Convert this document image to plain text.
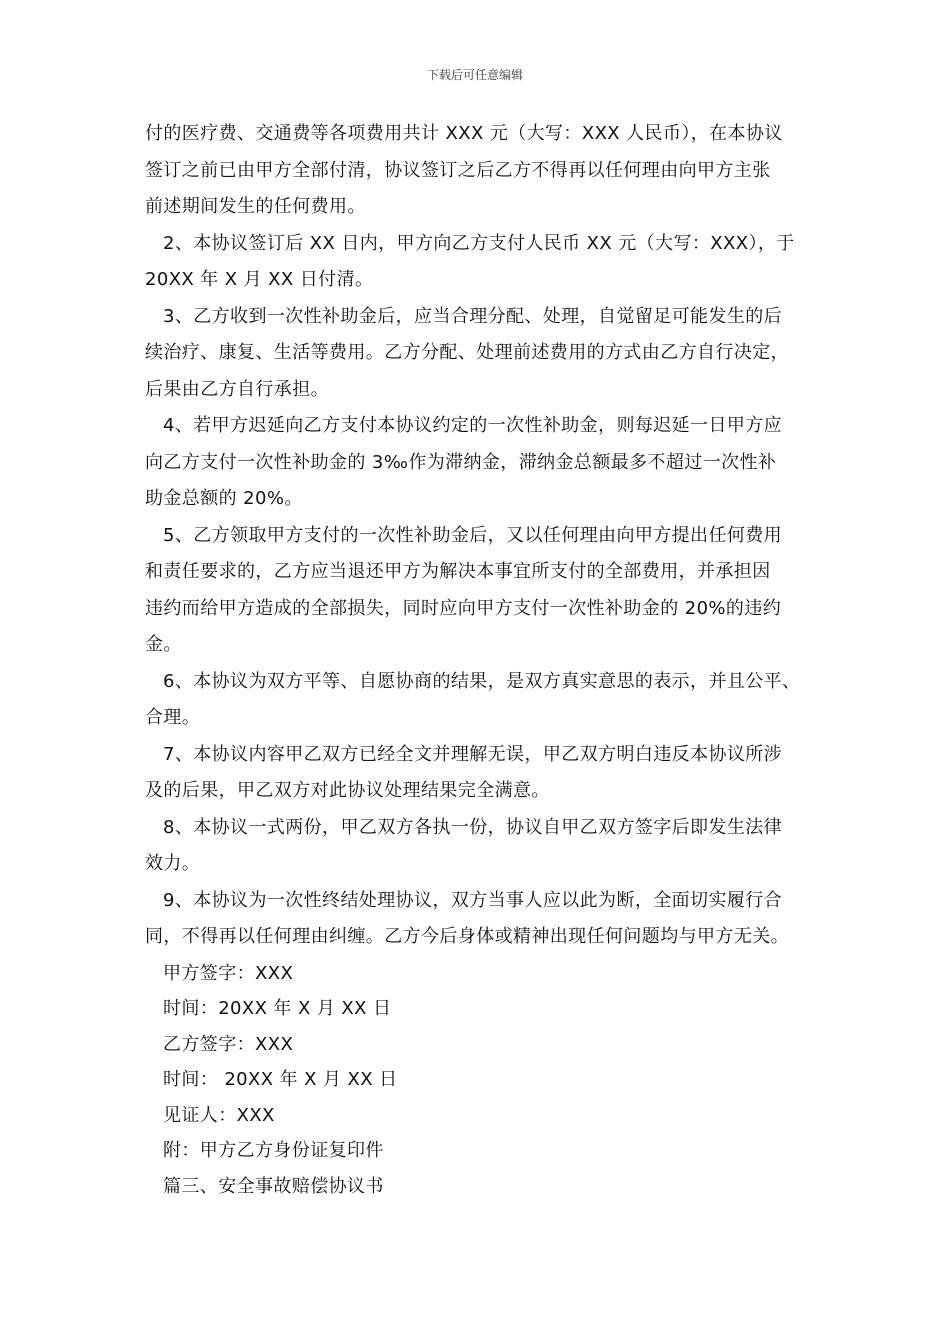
下载后可任意编辑
付的医疗费、交通费等各项费用共计 XXX 元（大写：XXX 人民币），在本协议
签订之前已由甲方全部付清，协议签订之后乙方不得再以任何理由向甲方主张
前述期间发生的任何费用。
2、本协议签订后 XX 日内，甲方向乙方支付人民币 XX 元（大写：XXX），于
20XX 年 X 月 XX 日付清。
3、乙方收到一次性补助金后，应当合理分配、处理，自觉留足可能发生的后
续治疗、康复、生活等费用。乙方分配、处理前述费用的方式由乙方自行决定，
后果由乙方自行承担。
4、若甲方迟延向乙方支付本协议约定的一次性补助金，则每迟延一日甲方应
向乙方支付一次性补助金的 3‰作为滞纳金，滞纳金总额最多不超过一次性补
助金总额的 20%。
5、乙方领取甲方支付的一次性补助金后，又以任何理由向甲方提出任何费用
和责任要求的，乙方应当退还甲方为解决本事宜所支付的全部费用，并承担因
违约而给甲方造成的全部损失，同时应向甲方支付一次性补助金的 20%的违约
金。
6、本协议为双方平等、自愿协商的结果，是双方真实意思的表示，并且公平、
合理。
7、本协议内容甲乙双方已经全文并理解无误，甲乙双方明白违反本协议所涉
及的后果，甲乙双方对此协议处理结果完全满意。
8、本协议一式两份，甲乙双方各执一份，协议自甲乙双方签字后即发生法律
效力。
9、本协议为一次性终结处理协议，双方当事人应以此为断，全面切实履行合
同，不得再以任何理由纠缠。乙方今后身体或精神出现任何问题均与甲方无关。

甲方签字：XXX

时间：20XX 年 X 月 XX 日

乙方签字：XXX

时间： 20XX 年 X 月 XX 日

见证人：XXX

附：甲方乙方身份证复印件

篇三、安全事故赔偿协议书
